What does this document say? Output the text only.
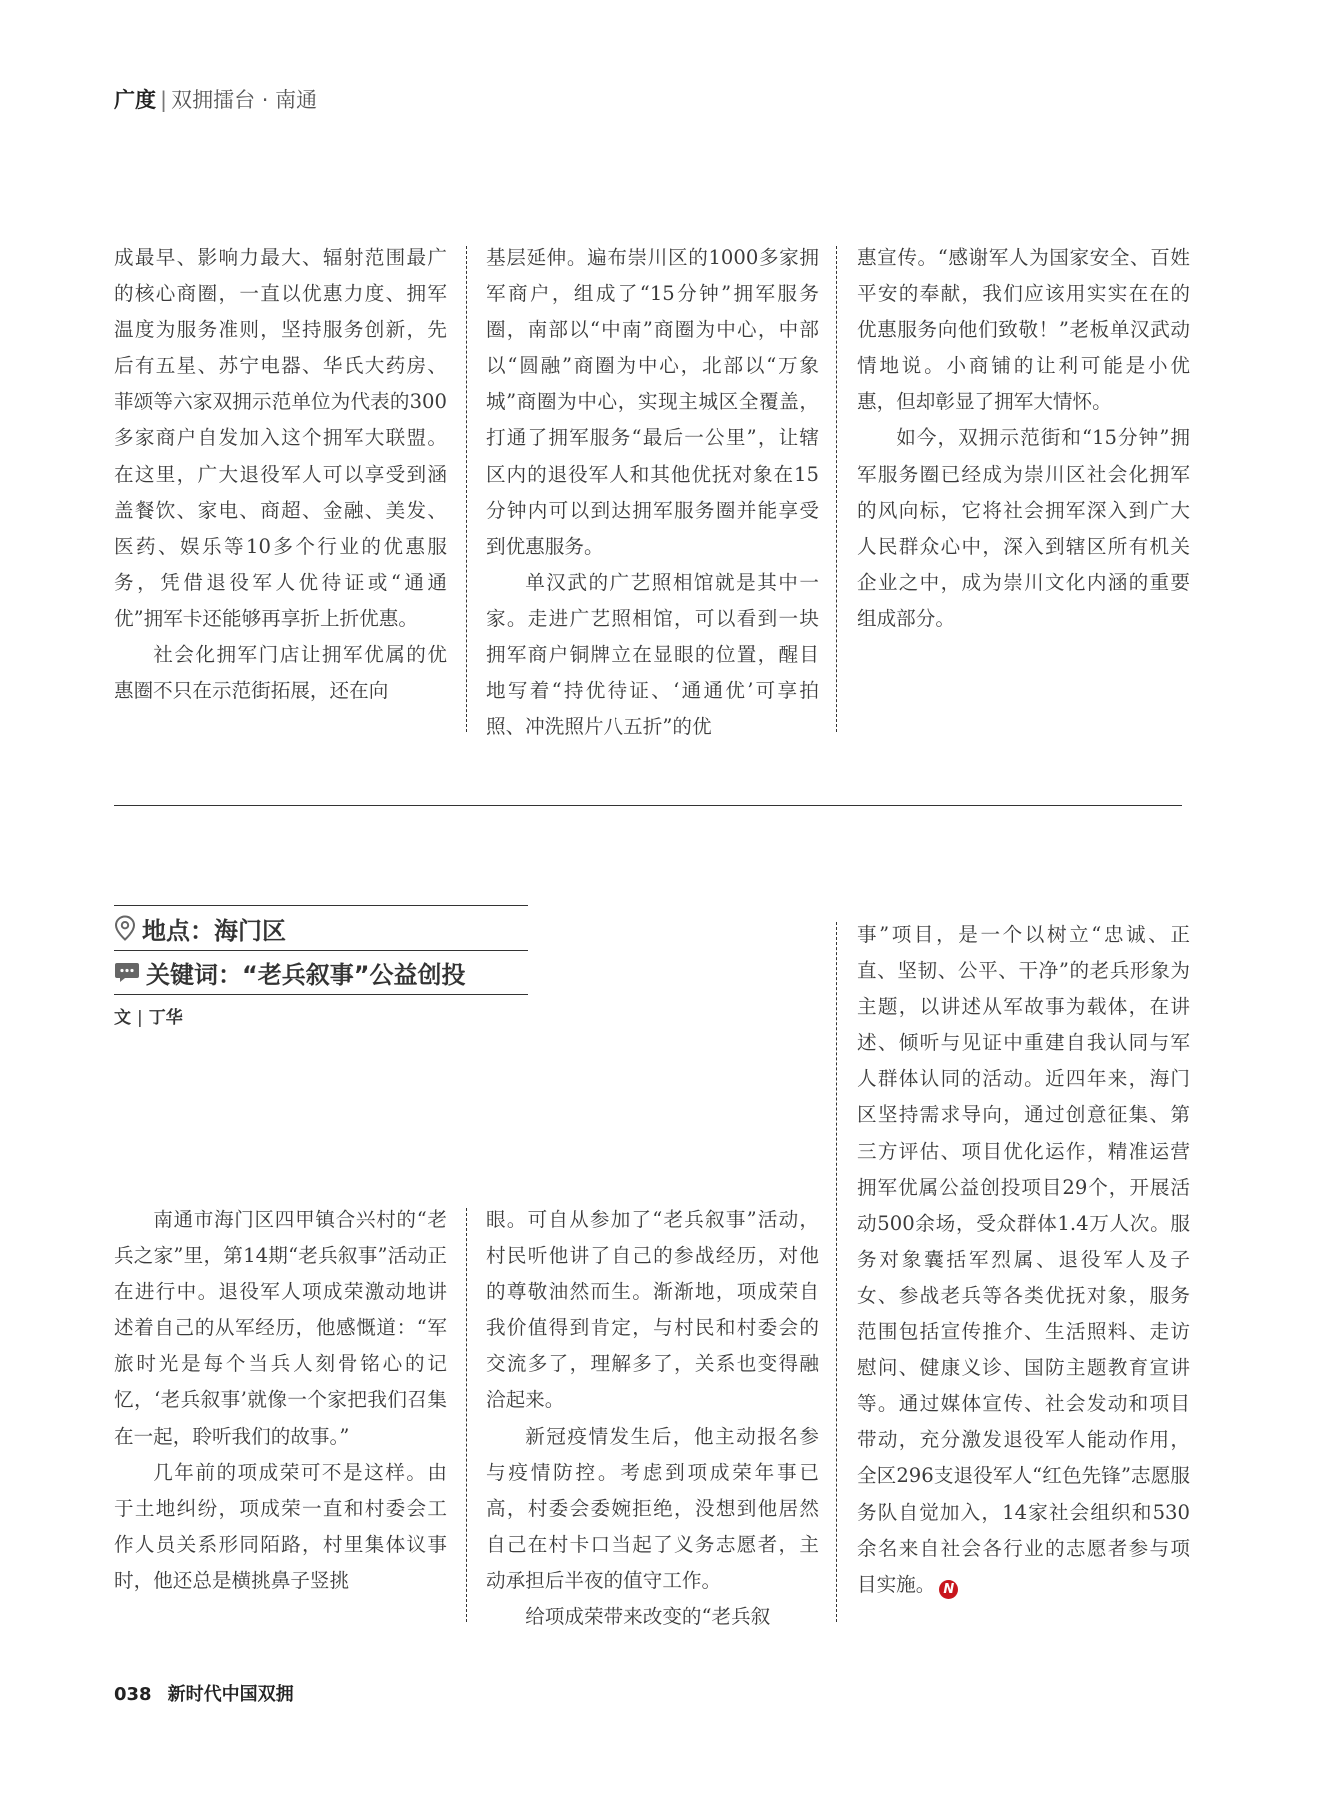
广度 | 双拥擂台 · 南通

成最早、影响力最大、辐射范围最广的核心商圈，一直以优惠力度、拥军温度为服务准则，坚持服务创新，先后有五星、苏宁电器、华氏大药房、菲颂等六家双拥示范单位为代表的300多家商户自发加入这个拥军大联盟。在这里，广大退役军人可以享受到涵盖餐饮、家电、商超、金融、美发、医药、娱乐等10多个行业的优惠服务，凭借退役军人优待证或“通通优”拥军卡还能够再享折上折优惠。

社会化拥军门店让拥军优属的优惠圈不只在示范街拓展，还在向

基层延伸。遍布崇川区的1000多家拥军商户，组成了“15分钟”拥军服务圈，南部以“中南”商圈为中心，中部以“圆融”商圈为中心，北部以“万象城”商圈为中心，实现主城区全覆盖，打通了拥军服务“最后一公里”，让辖区内的退役军人和其他优抚对象在15分钟内可以到达拥军服务圈并能享受到优惠服务。

单汉武的广艺照相馆就是其中一家。走进广艺照相馆，可以看到一块拥军商户铜牌立在显眼的位置，醒目地写着“持优待证、‘通通优’可享拍照、冲洗照片八五折”的优

惠宣传。“感谢军人为国家安全、百姓平安的奉献，我们应该用实实在在的优惠服务向他们致敬！”老板单汉武动情地说。小商铺的让利可能是小优惠，但却彰显了拥军大情怀。

如今，双拥示范街和“15分钟”拥军服务圈已经成为崇川区社会化拥军的风向标，它将社会拥军深入到广大人民群众心中，深入到辖区所有机关企业之中，成为崇川文化内涵的重要组成部分。

地点： 海门区
关键词： “老兵叙事”公益创投
文 | 丁华

南通市海门区四甲镇合兴村的“老兵之家”里，第14期“老兵叙事”活动正在进行中。退役军人项成荣激动地讲述着自己的从军经历，他感慨道：“军旅时光是每个当兵人刻骨铭心的记忆，‘老兵叙事’就像一个家把我们召集在一起，聆听我们的故事。”

几年前的项成荣可不是这样。由于土地纠纷，项成荣一直和村委会工作人员关系形同陌路，村里集体议事时，他还总是横挑鼻子竖挑

眼。可自从参加了“老兵叙事”活动，村民听他讲了自己的参战经历，对他的尊敬油然而生。渐渐地，项成荣自我价值得到肯定，与村民和村委会的交流多了，理解多了，关系也变得融洽起来。

新冠疫情发生后，他主动报名参与疫情防控。考虑到项成荣年事已高，村委会委婉拒绝，没想到他居然自己在村卡口当起了义务志愿者，主动承担后半夜的值守工作。

给项成荣带来改变的“老兵叙

事”项目，是一个以树立“忠诚、正直、坚韧、公平、干净”的老兵形象为主题，以讲述从军故事为载体，在讲述、倾听与见证中重建自我认同与军人群体认同的活动。近四年来，海门区坚持需求导向，通过创意征集、第三方评估、项目优化运作，精准运营拥军优属公益创投项目29个，开展活动500余场，受众群体1.4万人次。服务对象囊括军烈属、退役军人及子女、参战老兵等各类优抚对象，服务范围包括宣传推介、生活照料、走访慰问、健康义诊、国防主题教育宣讲等。通过媒体宣传、社会发动和项目带动，充分激发退役军人能动作用，全区296支退役军人“红色先锋”志愿服务队自觉加入，14家社会组织和530余名来自社会各行业的志愿者参与项目实施。 N

038 新时代中国双拥
